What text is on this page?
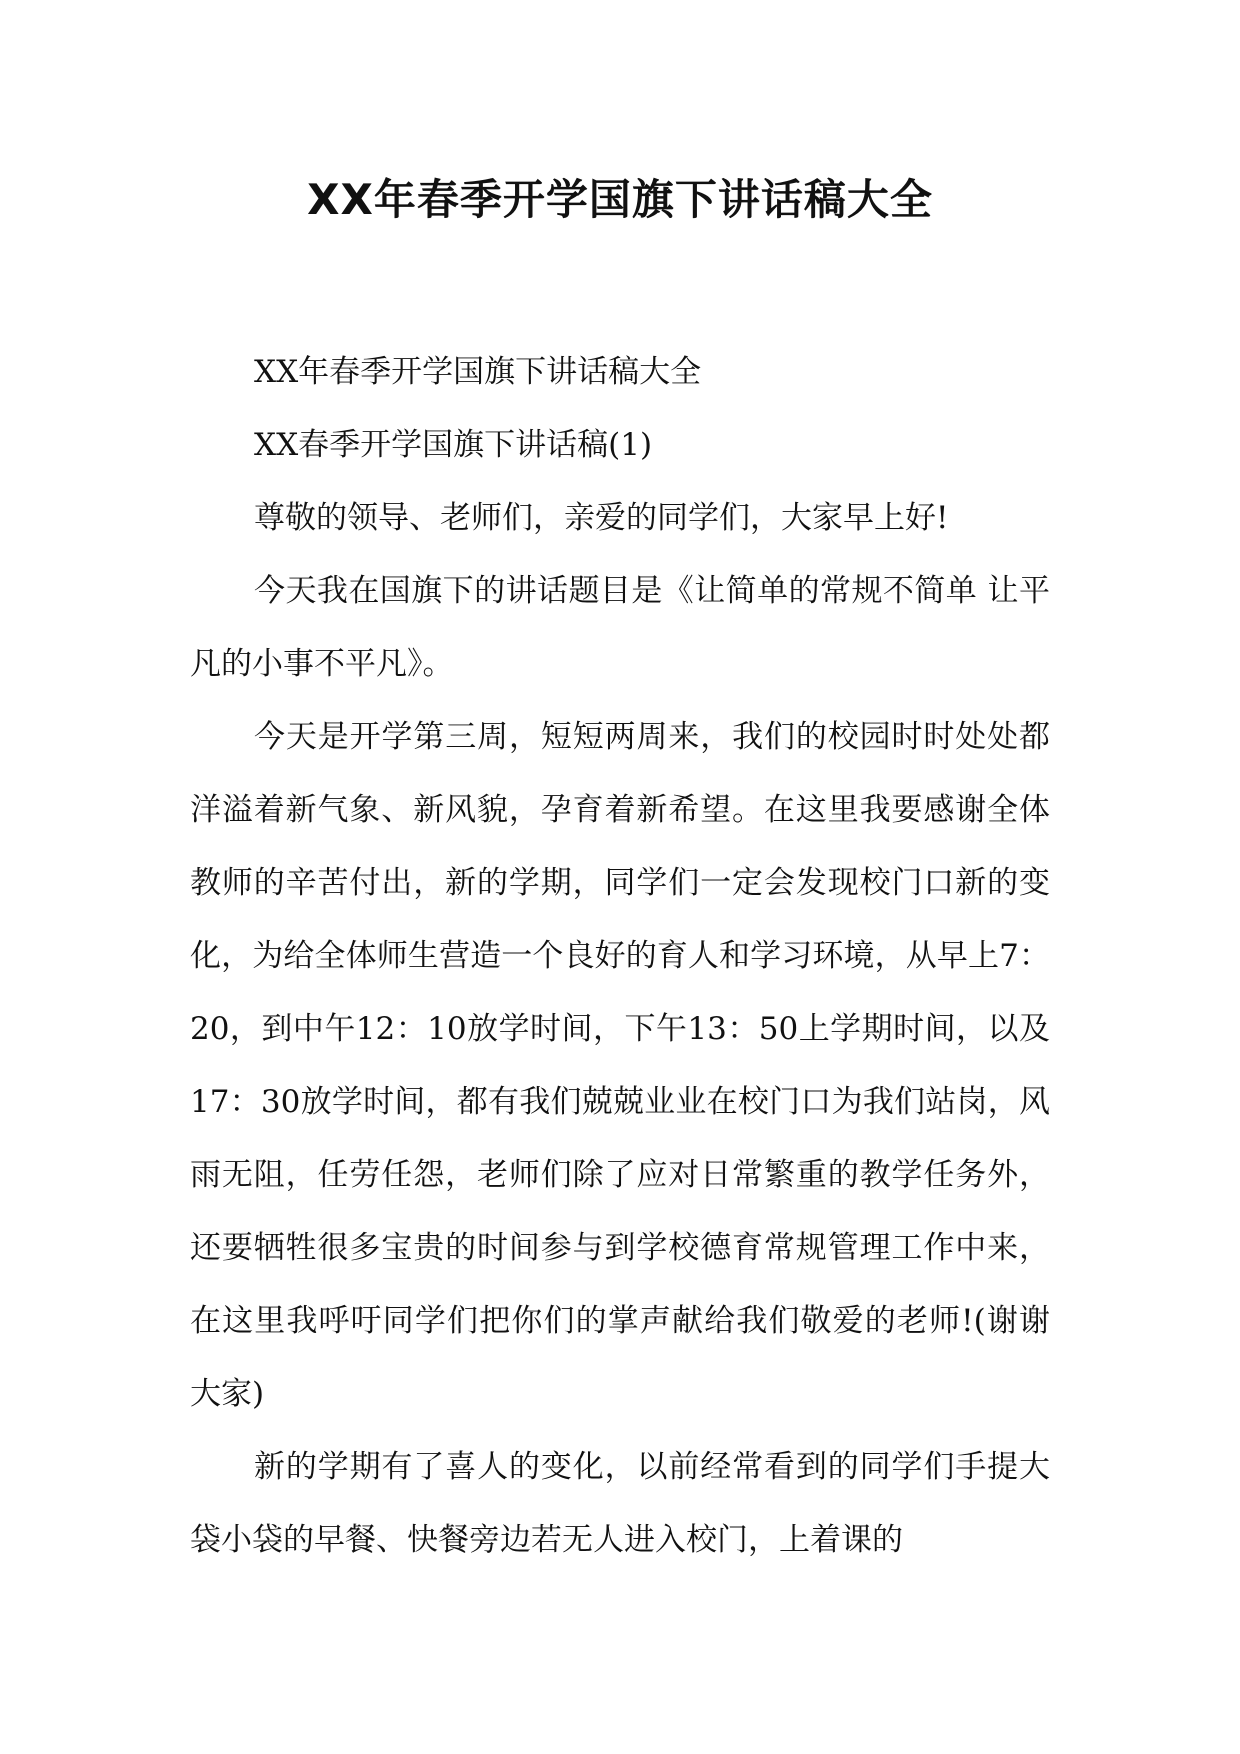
XX年春季开学国旗下讲话稿大全

XX年春季开学国旗下讲话稿大全

XX春季开学国旗下讲话稿(1)

尊敬的领导、老师们，亲爱的同学们，大家早上好!

今天我在国旗下的讲话题目是《让简单的常规不简单 让平凡的小事不平凡》。

今天是开学第三周，短短两周来，我们的校园时时处处都洋溢着新气象、新风貌，孕育着新希望。在这里我要感谢全体教师的辛苦付出，新的学期，同学们一定会发现校门口新的变化，为给全体师生营造一个良好的育人和学习环境，从早上7：20，到中午12：10放学时间，下午13：50上学期时间，以及17：30放学时间，都有我们兢兢业业在校门口为我们站岗，风雨无阻，任劳任怨，老师们除了应对日常繁重的教学任务外，还要牺牲很多宝贵的时间参与到学校德育常规管理工作中来，在这里我呼吁同学们把你们的掌声献给我们敬爱的老师!(谢谢大家)

新的学期有了喜人的变化，以前经常看到的同学们手提大袋小袋的早餐、快餐旁边若无人进入校门，上着课的
